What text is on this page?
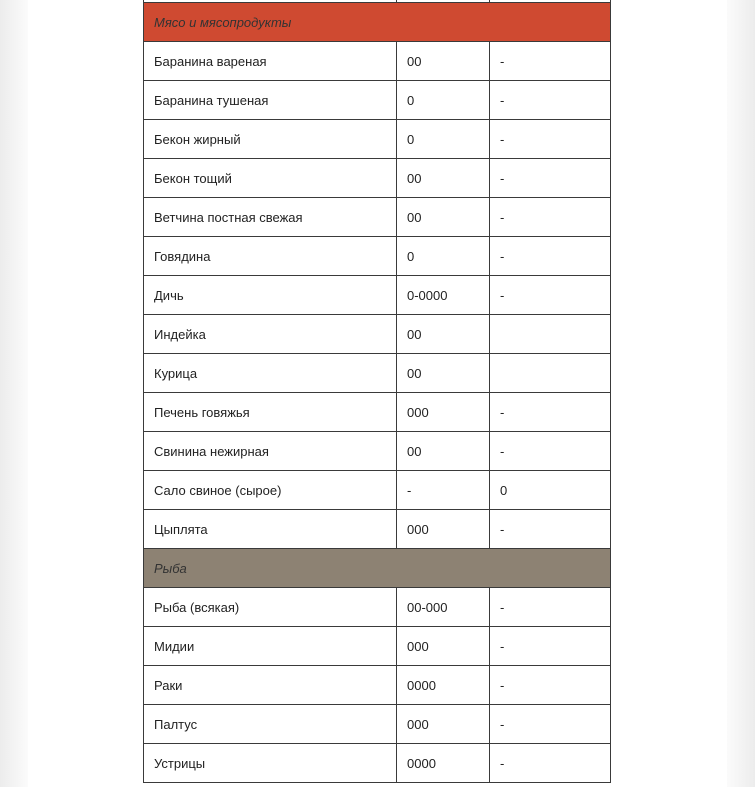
Мясо и мясопродукты		
Баранина вареная	00	-
Баранина тушеная	0	-
Бекон жирный	0	-
Бекон тощий	00	-
Ветчина постная свежая	00	-
Говядина	0	-
Дичь	0-0000	-
Индейка	00	
Курица	00	
Печень говяжья	000	-
Свинина нежирная	00	-
Сало свиное (сырое)	-	0
Цыплята	000	-
Рыба		
Рыба (всякая)	00-000	-
Мидии	000	-
Раки	0000	-
Палтус	000	-
Устрицы	0000	-
